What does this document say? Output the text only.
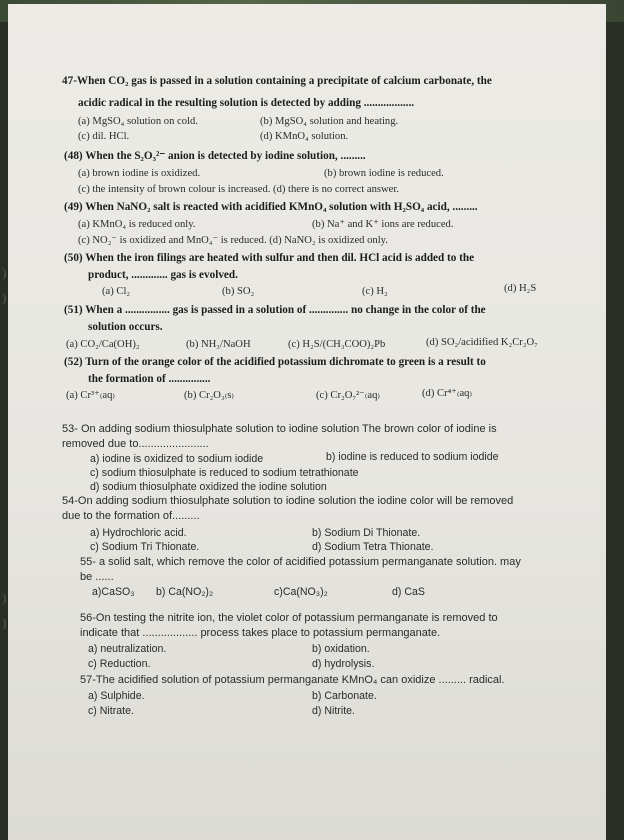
)
)
)
)
47-When CO₂ gas is passed in a solution containing a precipitate of calcium carbonate, the
acidic radical in the resulting solution is detected by adding ..................
(a) MgSO₄ solution on cold.	(b) MgSO₄ solution and heating.
(c) dil. HCl.	(d) KMnO₄ solution.
(48) When the S₂O₃²⁻ anion is detected by iodine solution, .........
(a) brown iodine is oxidized.	(b) brown iodine is reduced.
(c) the intensity of brown colour is increased. (d) there is no correct answer.
(49) When NaNO₂ salt is reacted with acidified KMnO₄ solution with H₂SO₄ acid, .........
(a) KMnO₄ is reduced only.	(b) Na⁺ and K⁺ ions are reduced.
(c) NO₂⁻ is oxidized and MnO₄⁻ is reduced. (d) NaNO₂ is oxidized only.
(50) When the iron filings are heated with sulfur and then dil. HCl acid is added to the
product, ............. gas is evolved.
(a) Cl₂	(b) SO₂	(c) H₂	(d) H₂S
(51) When a ................ gas is passed in a solution of .............. no change in the color of the
solution occurs.
(a) CO₂/Ca(OH)₂	(b) NH₃/NaOH	(c) H₂S/(CH₃COO)₂Pb	(d) SO₂/acidified K₂Cr₂O₇
(52) Turn of the orange color of the acidified potassium dichromate to green is a result to
the formation of ...............
(a) Cr³⁺₍aq₎	(b) Cr₂O₃₍s₎	(c) Cr₂O₇²⁻₍aq₎	(d) Cr⁴⁺₍aq₎
53- On adding sodium thiosulphate solution to iodine solution The brown color of iodine is
removed due to.......................
a) iodine is oxidized to sodium iodide	b) iodine is reduced to sodium iodide
c) sodium thiosulphate is reduced to sodium tetrathionate
d) sodium thiosulphate oxidized the iodine solution
54-On adding sodium thiosulphate solution to iodine solution the iodine color will be removed
due to the formation of.........
a) Hydrochloric acid.	b) Sodium Di Thionate.
c) Sodium Tri Thionate.	d) Sodium Tetra Thionate.
55- a solid salt, which remove the color of acidified potassium permanganate solution. may
be ......
a)CaSO₃ b) Ca(NO₂)₂	c)Ca(NO₃)₂	d) CaS
56-On testing the nitrite ion, the violet color of potassium permanganate is removed to
indicate that .................. process takes place to potassium permanganate.
a) neutralization.	b) oxidation.
c) Reduction.	d) hydrolysis.
57-The acidified solution of potassium permanganate KMnO₄ can oxidize ......... radical.
a) Sulphide.	b) Carbonate.
c) Nitrate.	d) Nitrite.
